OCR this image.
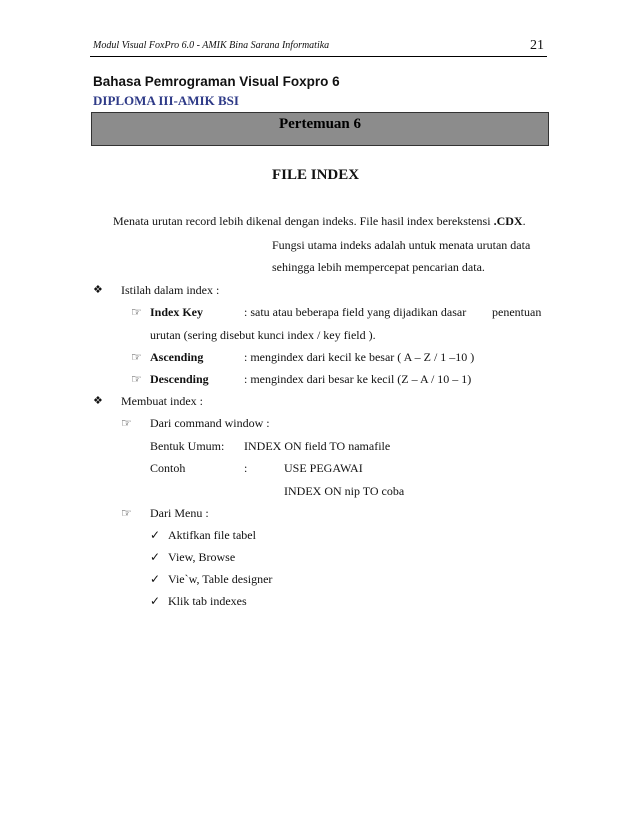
Modul Visual FoxPro 6.0 - AMIK Bina Sarana Informatika	21
Bahasa Pemrograman Visual Foxpro 6
DIPLOMA III-AMIK BSI
Pertemuan 6
FILE INDEX
Menata urutan record lebih dikenal dengan indeks. File hasil index berekstensi .CDX.
Fungsi utama indeks adalah untuk menata urutan data
sehingga lebih mempercepat pencarian data.
❖ Istilah dalam index :
☞ Index Key	: satu atau beberapa field yang dijadikan dasar penentuan
urutan (sering disebut kunci index / key field ).
☞ Ascending	: mengindex dari kecil ke besar ( A – Z / 1 –10 )
☞ Descending	: mengindex dari besar ke kecil (Z – A / 10 – 1)
❖ Membuat index :
☞ Dari command window :
Bentuk Umum: INDEX ON field TO namafile
Contoh	:	USE PEGAWAI
INDEX ON nip TO coba
☞ Dari Menu :
✓ Aktifkan file tabel
✓ View, Browse
✓ Vie`w, Table designer
✓ Klik tab indexes
